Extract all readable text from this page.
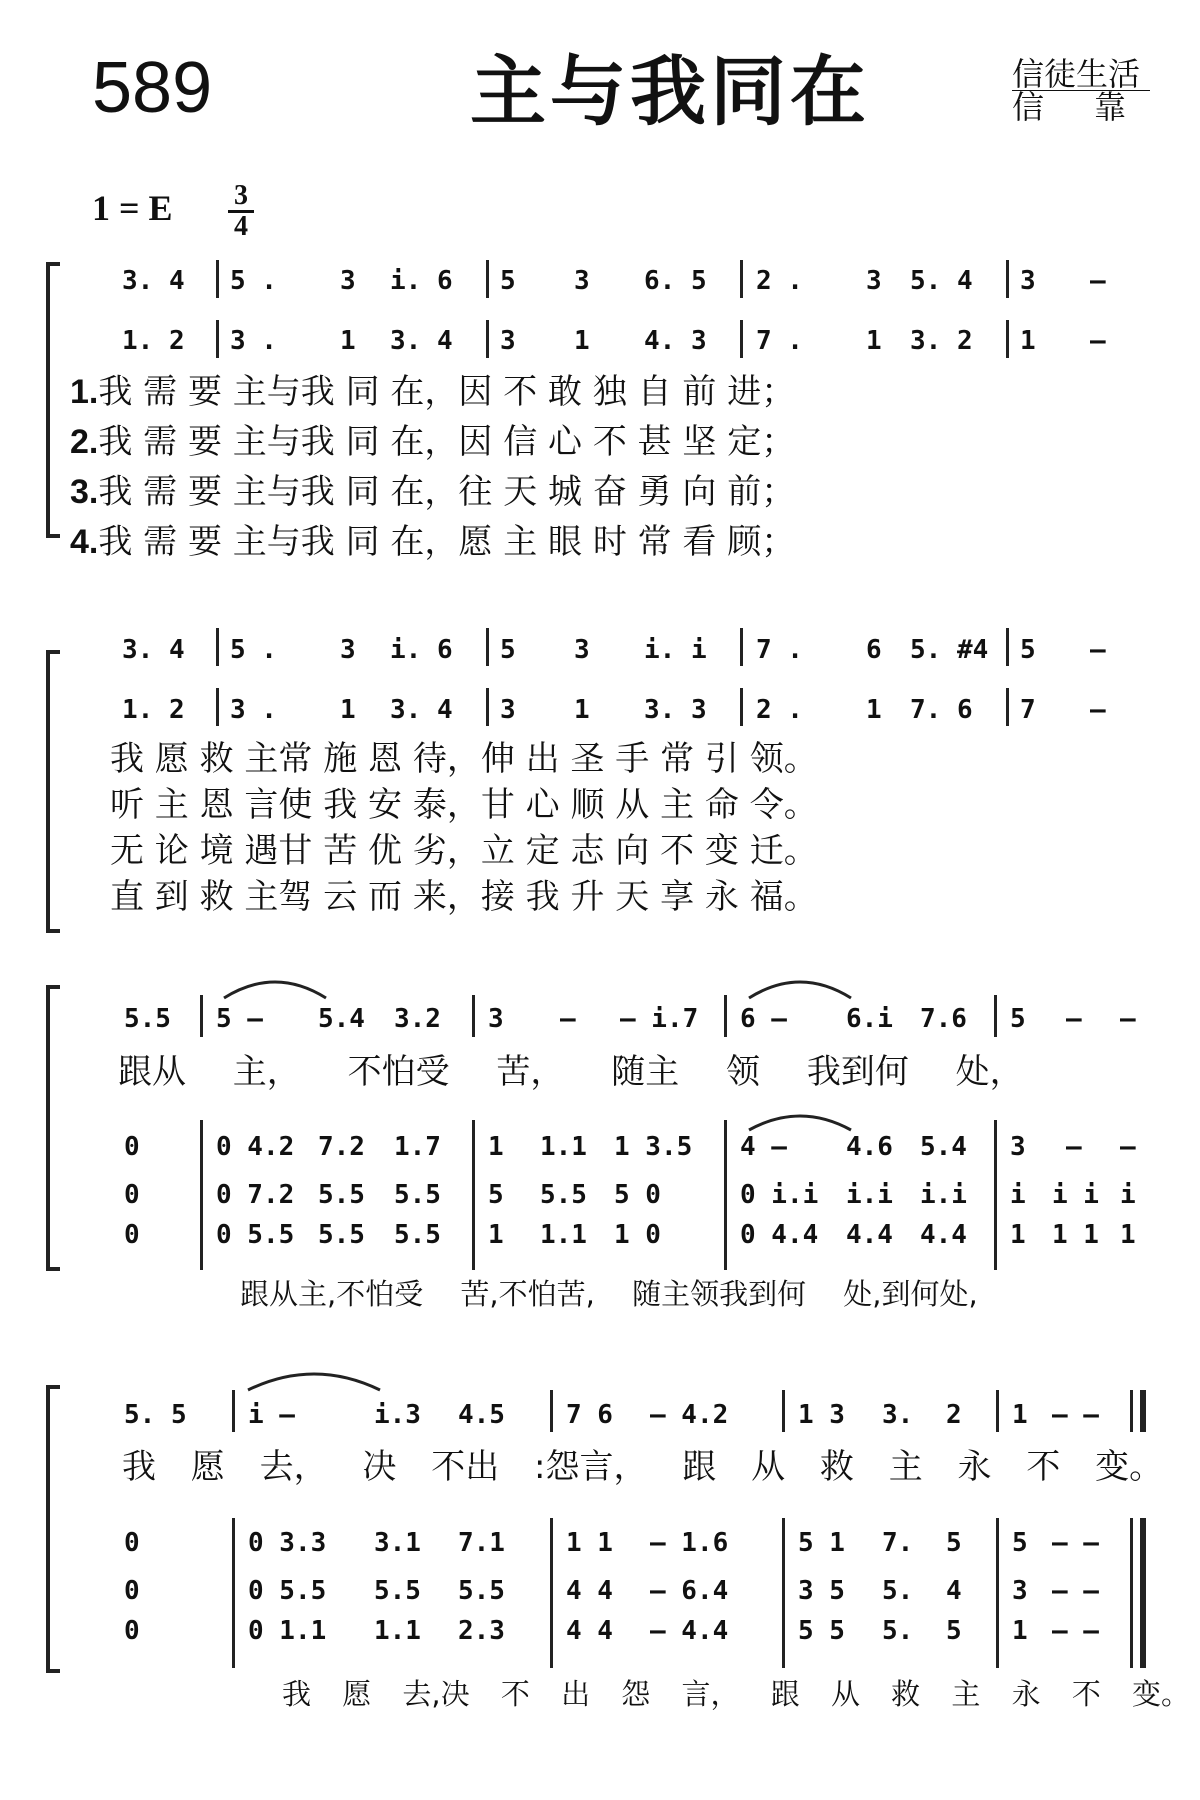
589	主与我同在	信徒生活
信靠
1 = E 3
4
3. 4 5 . 3 i. 6 5 3 6. 5 2 . 3 5. 4 3 –
1. 2 3 . 1 3. 4 3 1 4. 3 7 . 1 3. 2 1 –
1.我 需 要 主与我 同 在，因 不 敢 独 自 前 进；
2.我 需 要 主与我 同 在，因 信 心 不 甚 坚 定；
3.我 需 要 主与我 同 在，往 天 城 奋 勇 向 前；
4.我 需 要 主与我 同 在，愿 主 眼 时 常 看 顾；
3. 4 5 . 3 i. 6 5 3 i. i 7 . 6 5. #4 5 –
1. 2 3 . 1 3. 4 3 1 3. 3 2 . 1 7. 6 7 –
我 愿 救 主常 施 恩 待，伸 出 圣 手 常 引 领。
听 主 恩 言使 我 安 泰，甘 心 顺 从 主 命 令。
无 论 境 遇甘 苦 优 劣，立 定 志 向 不 变 迁。
直 到 救 主驾 云 而 来，接 我 升 天 享 永 福。
5.5 5 – 5.4 3.2 3 – – i.7 6 – 6.i 7.6 5 – –
跟从 主， 不怕受 苦， 随主 领 我到何 处，
0	0 4.2 7.2 1.7 1 1.1 1 3.5 4 – 4.6 5.4 3 – –
0	0 7.2 5.5 5.5 5 5.5 5 0	0 i.i i.i i.i i i i i
0	0 5.5 5.5 5.5 1 1.1 1 0	0 4.4 4.4 4.4 1 1 1 1
跟从主,不怕受 苦,不怕苦, 随主领我到何 处,到何处,
5. 5 i –	i.3 4.5 7 6 – 4.2	1 3 3. 2 1 – –
我 愿 去， 决 不出 :怨言， 跟 从 救 主 永 不 变。
0	0 3.3 3.1 7.1 1 1 – 1.6	5 1 7. 5 5 – –
0	0 5.5 5.5 5.5 4 4 – 6.4	3 5 5. 4 3 – –
0	0 1.1 1.1 2.3 4 4 – 4.4	5 5 5. 5 1 – –
我 愿 去,决 不 出 怨 言， 跟 从 救 主 永 不 变。
